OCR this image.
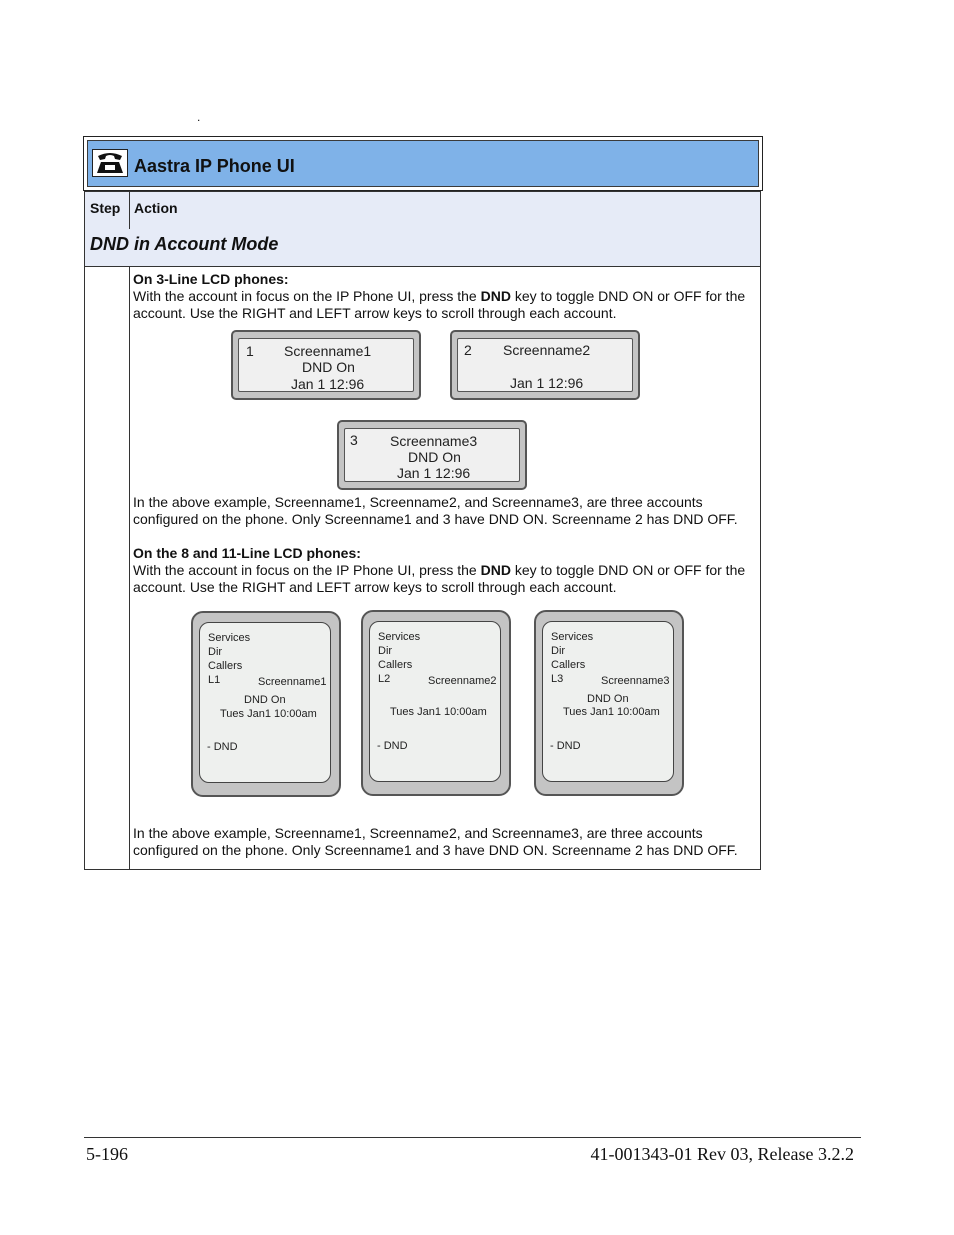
.
Aastra IP Phone UI
Step Action
DND in Account Mode
On 3-Line LCD phones:
With the account in focus on the IP Phone UI, press the DND key to toggle DND ON or OFF for the
account. Use the RIGHT and LEFT arrow keys to scroll through each account.
1 Screenname1
DND On
Jan 1 12:96
2 Screenname2
Jan 1 12:96
3 Screenname3
DND On
Jan 1 12:96
In the above example, Screenname1, Screenname2, and Screenname3, are three accounts
configured on the phone. Only Screenname1 and 3 have DND ON. Screenname 2 has DND OFF.
On the 8 and 11-Line LCD phones:
With the account in focus on the IP Phone UI, press the DND key to toggle DND ON or OFF for the
account. Use the RIGHT and LEFT arrow keys to scroll through each account.
Services
Dir
Callers
L1	Screenname1
DND On
Tues Jan1 10:00am
- DND
Services
Dir
Callers
L2	Screenname2
Tues Jan1 10:00am
- DND
Services
Dir
Callers
L3	Screenname3
DND On
Tues Jan1 10:00am
- DND
In the above example, Screenname1, Screenname2, and Screenname3, are three accounts
configured on the phone. Only Screenname1 and 3 have DND ON. Screenname 2 has DND OFF.
5-196	41-001343-01 Rev 03, Release 3.2.2
